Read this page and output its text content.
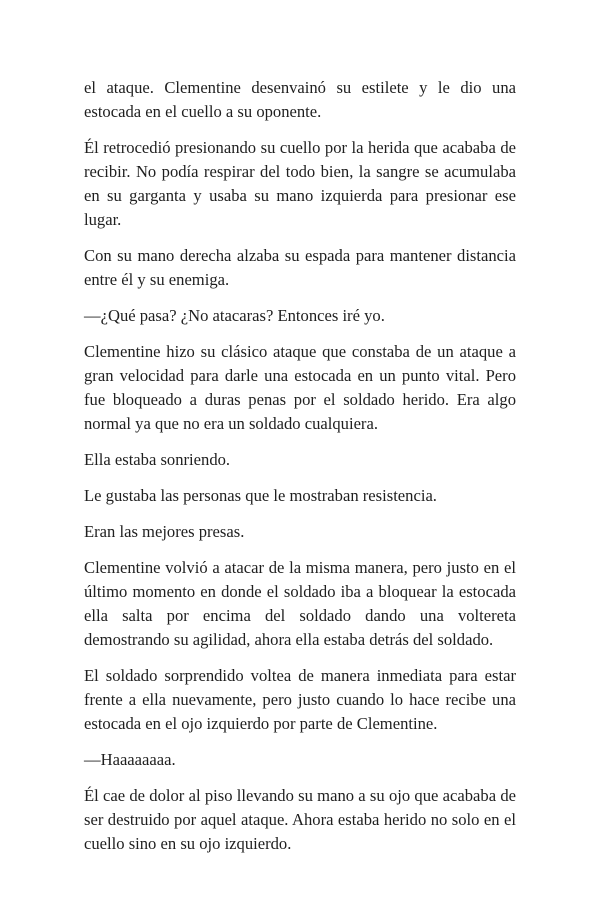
el ataque. Clementine desenvainó su estilete y le dio una estocada en el cuello a su oponente.

Él retrocedió presionando su cuello por la herida que acababa de recibir. No podía respirar del todo bien, la sangre se acumulaba en su garganta y usaba su mano izquierda para presionar ese lugar.

Con su mano derecha alzaba su espada para mantener distancia entre él y su enemiga.

—¿Qué pasa? ¿No atacaras? Entonces iré yo.

Clementine hizo su clásico ataque que constaba de un ataque a gran velocidad para darle una estocada en un punto vital. Pero fue bloqueado a duras penas por el soldado herido. Era algo normal ya que no era un soldado cualquiera.

Ella estaba sonriendo.

Le gustaba las personas que le mostraban resistencia.

Eran las mejores presas.

Clementine volvió a atacar de la misma manera, pero justo en el último momento en donde el soldado iba a bloquear la estocada ella salta por encima del soldado dando una voltereta demostrando su agilidad, ahora ella estaba detrás del soldado.

El soldado sorprendido voltea de manera inmediata para estar frente a ella nuevamente, pero justo cuando lo hace recibe una estocada en el ojo izquierdo por parte de Clementine.

—Haaaaaaaa.

Él cae de dolor al piso llevando su mano a su ojo que acababa de ser destruido por aquel ataque. Ahora estaba herido no solo en el cuello sino en su ojo izquierdo.
